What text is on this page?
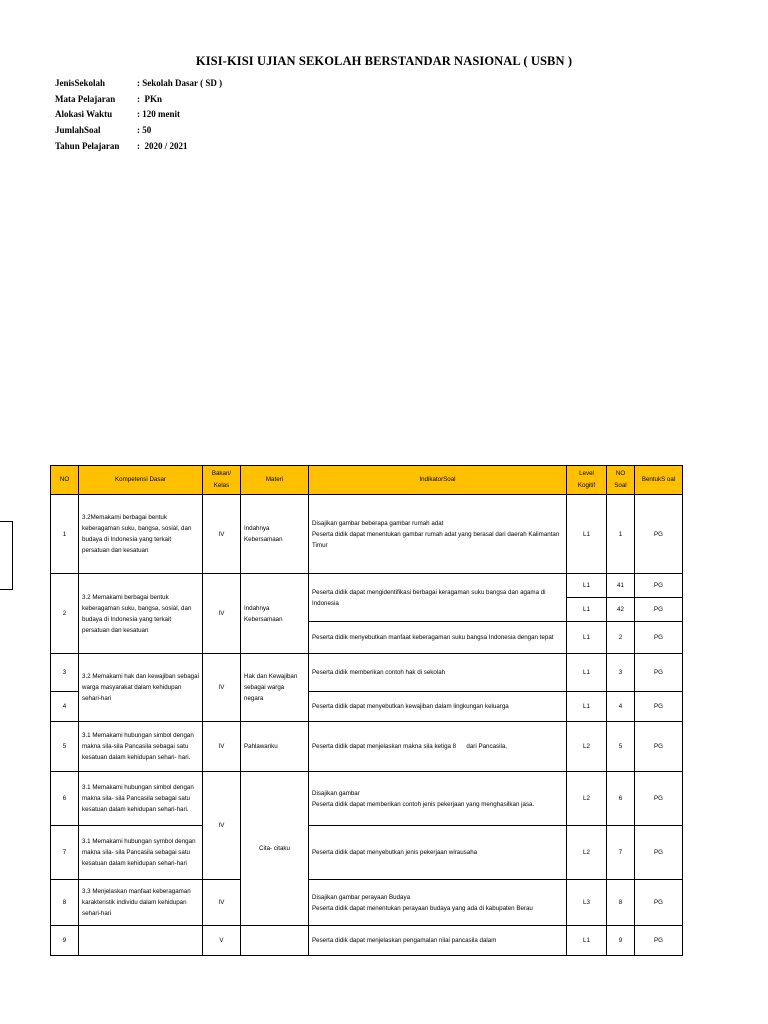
KISI-KISI UJIAN SEKOLAH BERSTANDAR NASIONAL ( USBN )
JenisSekolah	: Sekolah Dasar ( SD )
Mata Pelajaran	:  PKn
Alokasi Waktu	: 120 menit
JumlahSoal	: 50
Tahun Pelajaran	:  2020 / 2021
NO	Kompetensi Dasar	Bakan/ Kelas	Materi	IndikatorSoal	Level Kogitif	NO Soal	BentukS oal
1	3.2Memakami berbagai bentuk keberagaman suku, bangsa, sosial, dan budaya di Indonesia yang terkait persatuan dan kesatuan	IV	Indahnya Kebersamaan	Disajikan gambar beberapa gambar rumah adat
Peserta didik dapat menentukan gambar rumah adat yang berasal dari daerah Kalimantan Timur	L1	1	PG
2	3.2 Memakami berbagai bentuk keberagaman suku, bangsa, sosial, dan budaya di Indonesia yang terkait persatuan dan kesatuan	IV	Indahnya Kebersamaan	Peserta didik dapat mengidentifikasi berbagai keragaman suku bangsa dan agama di Indonesia	L1	41	PG
					L1	42	PG
				Peserta didik menyebutkan manfaat keberagaman suku bangsa Indonesia dengan tepat	L1	2	PG
3	3.2 Memakami hak dan kewajiban sebagai warga masyarakat dalam kehidupan sehari-hari	IV	Hak dan Kewajiban sebagai warga negara	Peserta didik memberikan contoh hak di sekolah	L1	3	PG
4				Peserta didik dapat menyebutkan kewajiban dalam lingkungan keluarga	L1	4	PG
5	3.1 Memakami hubungan simbol dengan makna sila-sila Pancasila sebagai satu kesatuan dalam kehidupan sehari- hari.	IV	Pahlawanku	Peserta didik dapat menjelaskan makna sila ketiga 8      dari Pancasila,	L2	5	PG
6	3.1 Memakami hubungan simbol dengan makna sila- sila Pancasila sebagai satu kesatuan dalam kehidupan sehari-hari.	IV	Cita- citaku	Disajikan gambar
Peserta didik dapat memberikan contoh jenis pekerjaan yang menghasilkan jasa.	L2	6	PG
7	3.1 Memakami hubungan symbol dengan makna sila- sila Pancasila sebagai satu kesatuan dalam kehidupan sehari-hari			Peserta didik dapat menyebutkan jenis pekerjaan wirausaha	L2	7	PG
8	3.3 Menjelaskan manfaat keberagaman karakteristik individu dalam kehidupan sehari-hari	IV		Disajikan gambar perayaan Budaya
Peserta didik dapat menentukan perayaan budaya yang ada di kabupaten Berau	L3	8	PG
9		V		Peserta didik dapat menjelaskan pengamalan nilai pancasila dalam	L1	9	PG
